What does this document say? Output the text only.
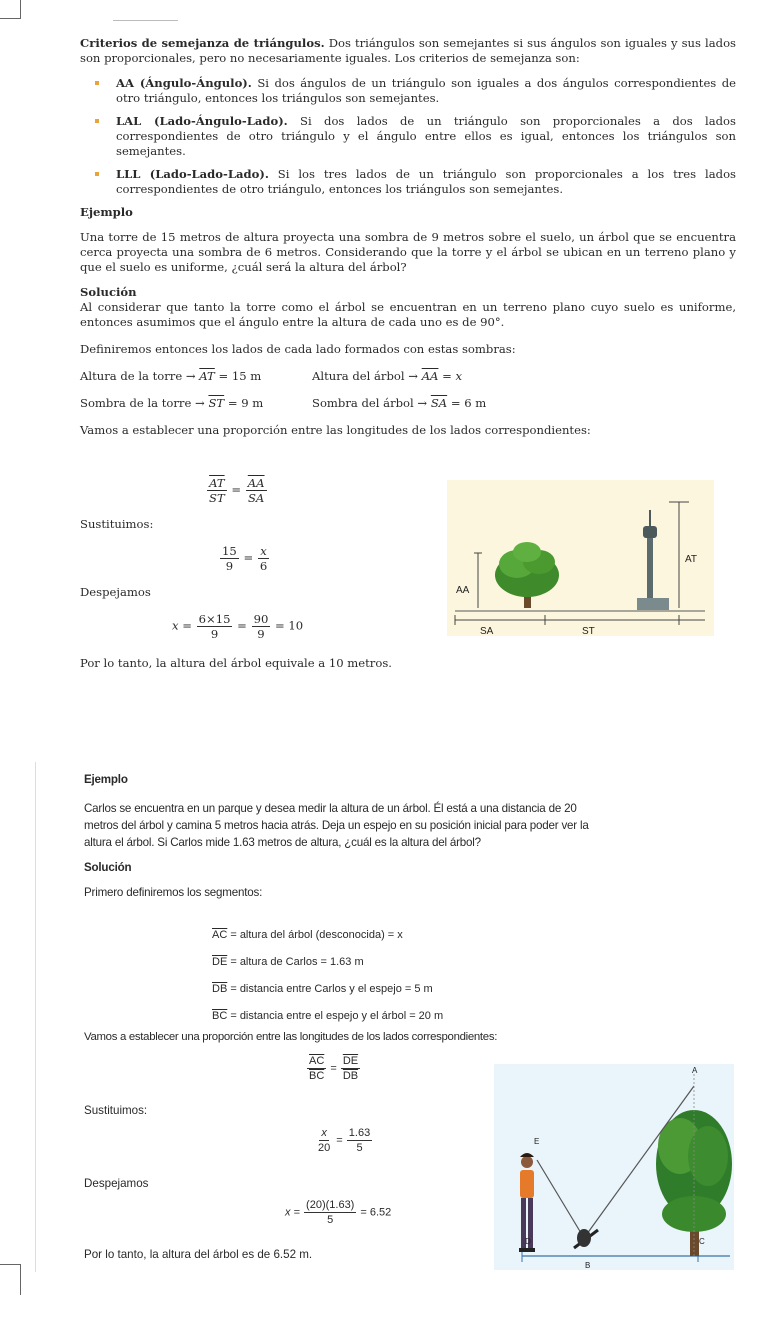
Criterios de semejanza de triángulos. Dos triángulos son semejantes si sus ángulos son iguales y sus lados son proporcionales, pero no necesariamente iguales. Los criterios de semejanza son:

AA (Ángulo-Ángulo). Si dos ángulos de un triángulo son iguales a dos ángulos correspondientes de otro triángulo, entonces los triángulos son semejantes.
LAL (Lado-Ángulo-Lado). Si dos lados de un triángulo son proporcionales a dos lados correspondientes de otro triángulo y el ángulo entre ellos es igual, entonces los triángulos son semejantes.
LLL (Lado-Lado-Lado). Si los tres lados de un triángulo son proporcionales a los tres lados correspondientes de otro triángulo, entonces los triángulos son semejantes.

Ejemplo

Una torre de 15 metros de altura proyecta una sombra de 9 metros sobre el suelo, un árbol que se encuentra cerca proyecta una sombra de 6 metros. Considerando que la torre y el árbol se ubican en un terreno plano y que el suelo es uniforme, ¿cuál será la altura del árbol?

Solución

Al considerar que tanto la torre como el árbol se encuentran en un terreno plano cuyo suelo es uniforme, entonces asumimos que el ángulo entre la altura de cada uno es de 90°.

Definiremos entonces los lados de cada lado formados con estas sombras:

Altura de la torre → $\overline{AT} = 15$ m	Altura del árbol → $\overline{AA} = x$
Sombra de la torre → $\overline{ST} = 9$ m	Sombra del árbol → $\overline{SA} = 6$ m

Vamos a establecer una proporción entre las longitudes de los lados correspondientes:

$\frac{\overline{AT}}{ST} = \frac{\overline{AA}}{SA}$
Sustituimos:
$\frac{15}{9} = \frac{x}{6}$
Despejamos
$x = \frac{6\times 15}{9} = \frac{90}{9} = 10$
Por lo tanto, la altura del árbol equivale a 10 metros.
AT
AA
SA	ST

Ejemplo

Carlos se encuentra en un parque y desea medir la altura de un árbol. Él está a una distancia de 20 metros del árbol y camina 5 metros hacia atrás. Deja un espejo en su posición inicial para poder ver la altura el árbol. Si Carlos mide 1.63 metros de altura, ¿cuál es la altura del árbol?

Solución

Primero definiremos los segmentos:

$\overline{AC}$ = altura del árbol (desconocida) = x
$\overline{DE}$ = altura de Carlos = 1.63 m
$\overline{DB}$ = distancia entre Carlos y el espejo = 5 m
$\overline{BC}$ = distancia entre el espejo y el árbol = 20 m
Vamos a establecer una proporción entre las longitudes de los lados correspondientes:
$\frac{\overline{AC}}{BC} = \frac{\overline{DE}}{DB}$
Sustituimos:
$\frac{x}{20} = \frac{1.63}{5}$
Despejamos
$x = \frac{(20)(1.63)}{5} = 6.52$
Por lo tanto, la altura del árbol es de 6.52 m.
A
E
D
B
C
